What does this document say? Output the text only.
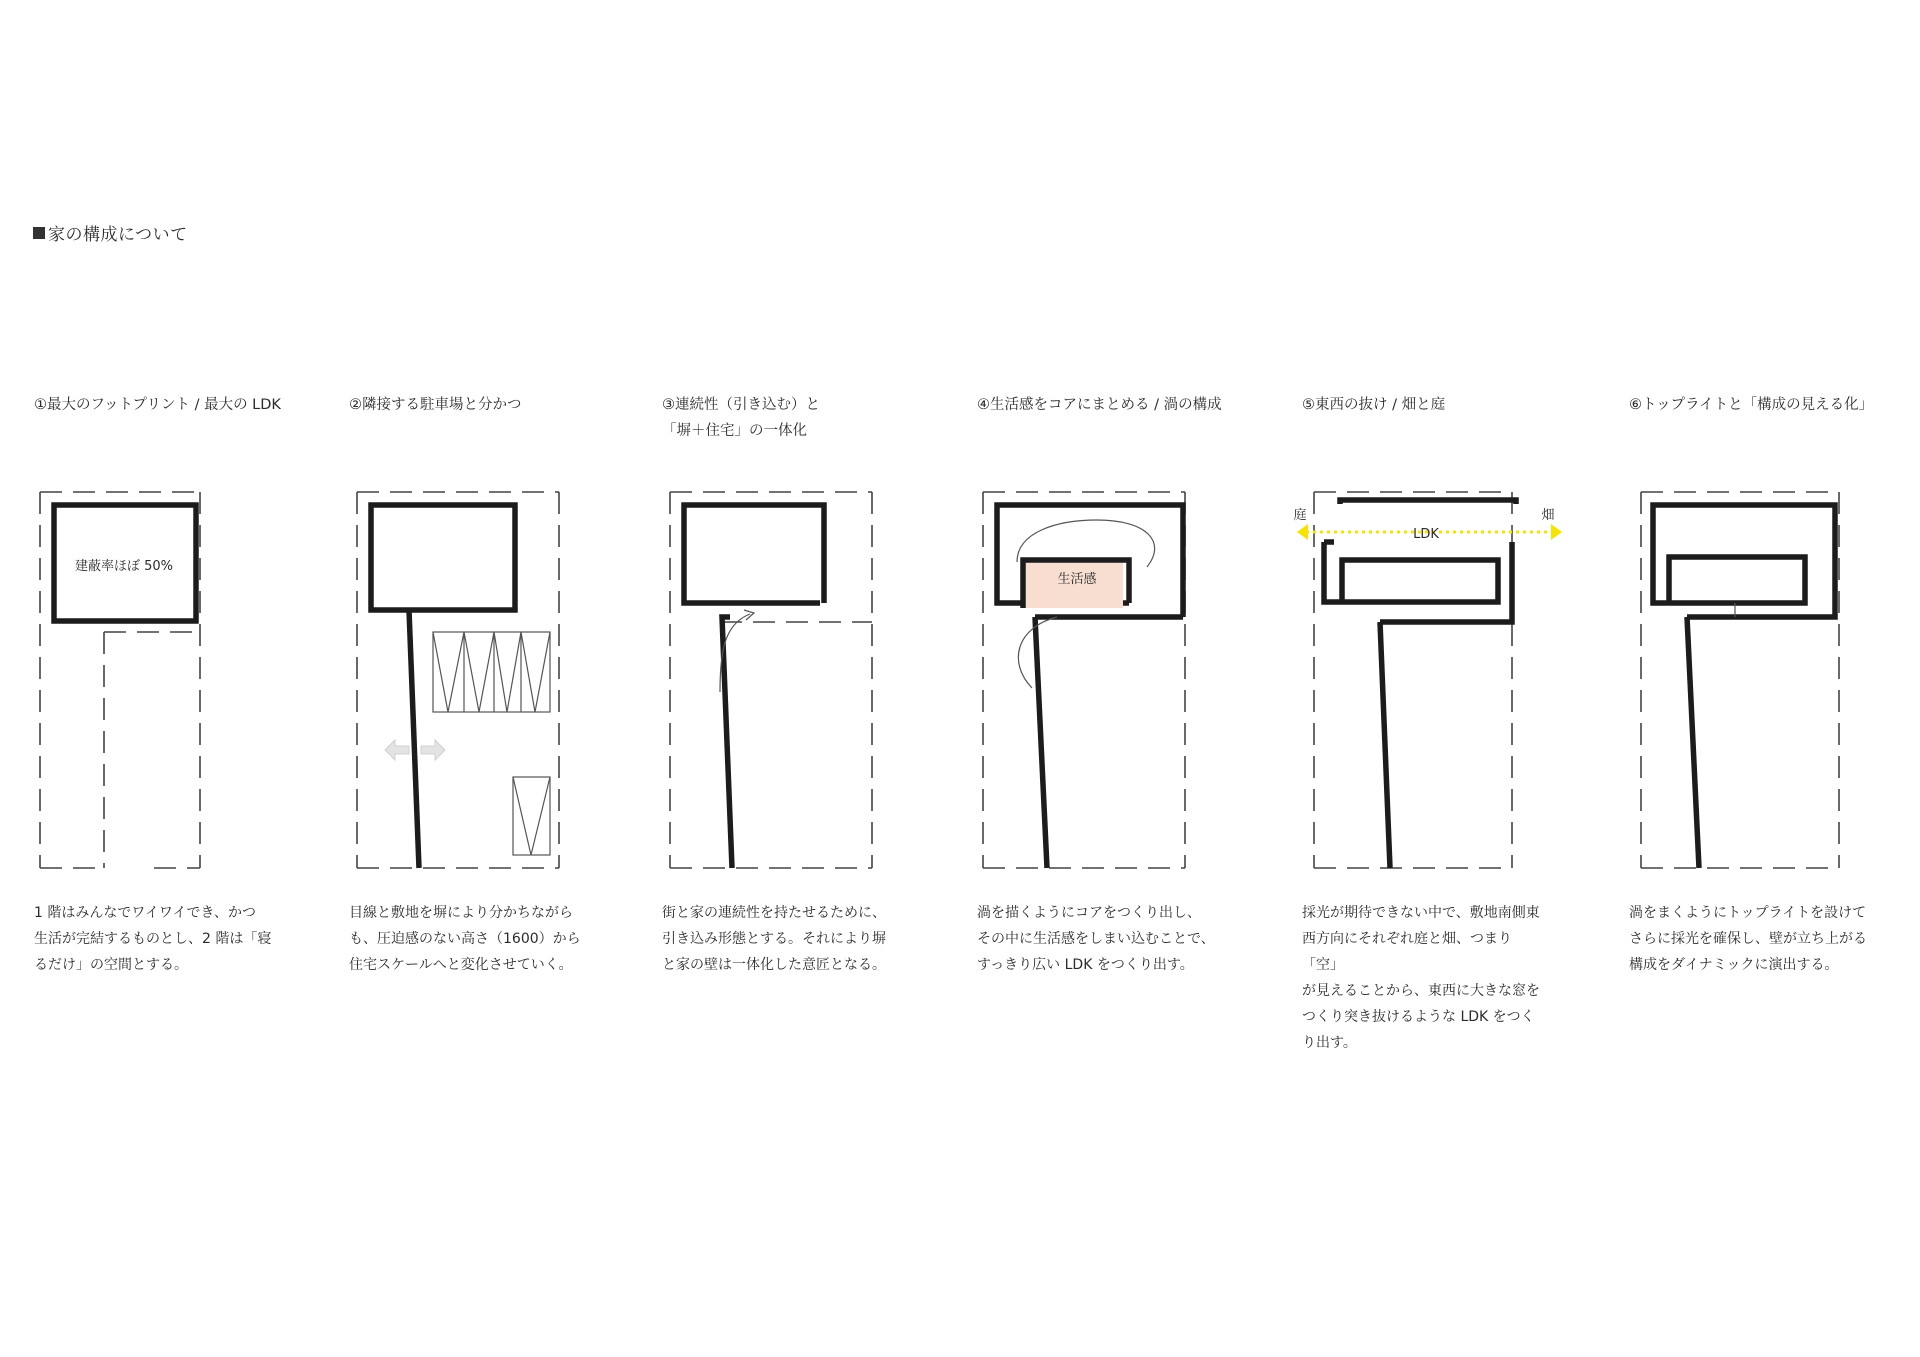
家の構成について
①最大のフットプリント / 最大の LDK
建蔽率ほぼ 50%
1 階はみんなでワイワイでき、かつ
生活が完結するものとし、2 階は「寝
るだけ」の空間とする。
②隣接する駐車場と分かつ
目線と敷地を塀により分かちながら
も、圧迫感のない高さ（1600）から
住宅スケールへと変化させていく。
③連続性（引き込む）と
「塀＋住宅」の一体化
街と家の連続性を持たせるために、
引き込み形態とする。それにより塀
と家の壁は一体化した意匠となる。
④生活感をコアにまとめる / 渦の構成
生活感
渦を描くようにコアをつくり出し、
その中に生活感をしまい込むことで、
すっきり広い LDK をつくり出す。
⑤東西の抜け / 畑と庭
LDK
庭	畑
採光が期待できない中で、敷地南側東
西方向にそれぞれ庭と畑、つまり「空」
が見えることから、東西に大きな窓を
つくり突き抜けるような LDK をつく
り出す。
⑥トップライトと「構成の見える化」
渦をまくようにトップライトを設けて
さらに採光を確保し、壁が立ち上がる
構成をダイナミックに演出する。
